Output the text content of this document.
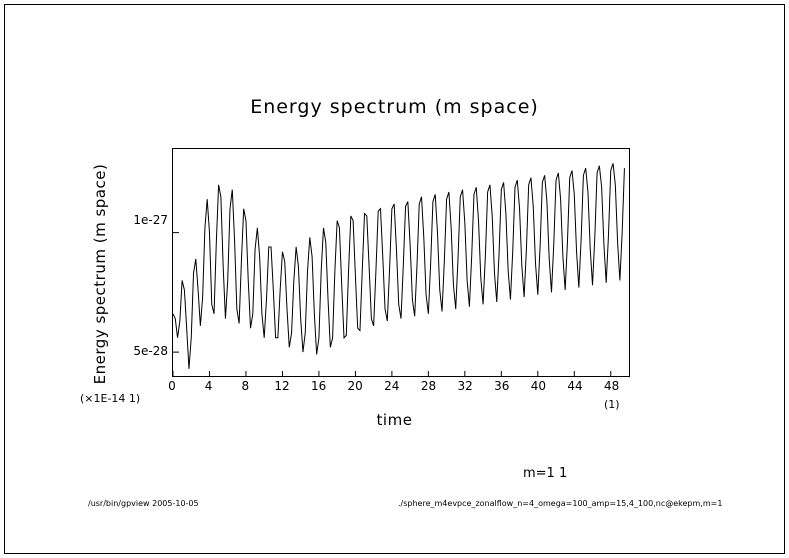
Energy spectrum (m space)
Energy spectrum (m space) 1e-27
5e-28
0 4 8 12 16 20 24 28 32 36 40 44 48
(×1E-14 1)	(1)
time
m=1 1
/usr/bin/gpview 2005-10-05	./sphere_m4evpce_zonalflow_n=4_omega=100_amp=15,4_100,nc@ekepm,m=1
